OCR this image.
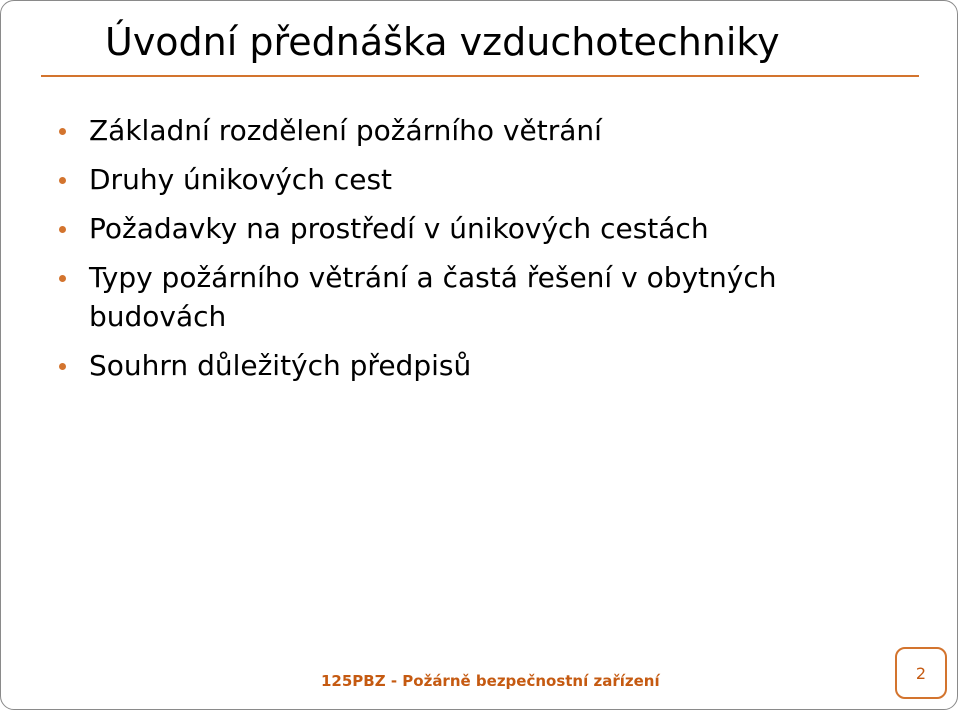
Úvodní přednáška vzduchotechniky
Základní rozdělení požárního větrání
Druhy únikových cest
Požadavky na prostředí v únikových cestách
Typy požárního větrání a častá řešení v obytných budovách
Souhrn důležitých předpisů
125PBZ - Požárně bezpečnostní zařízení	2
